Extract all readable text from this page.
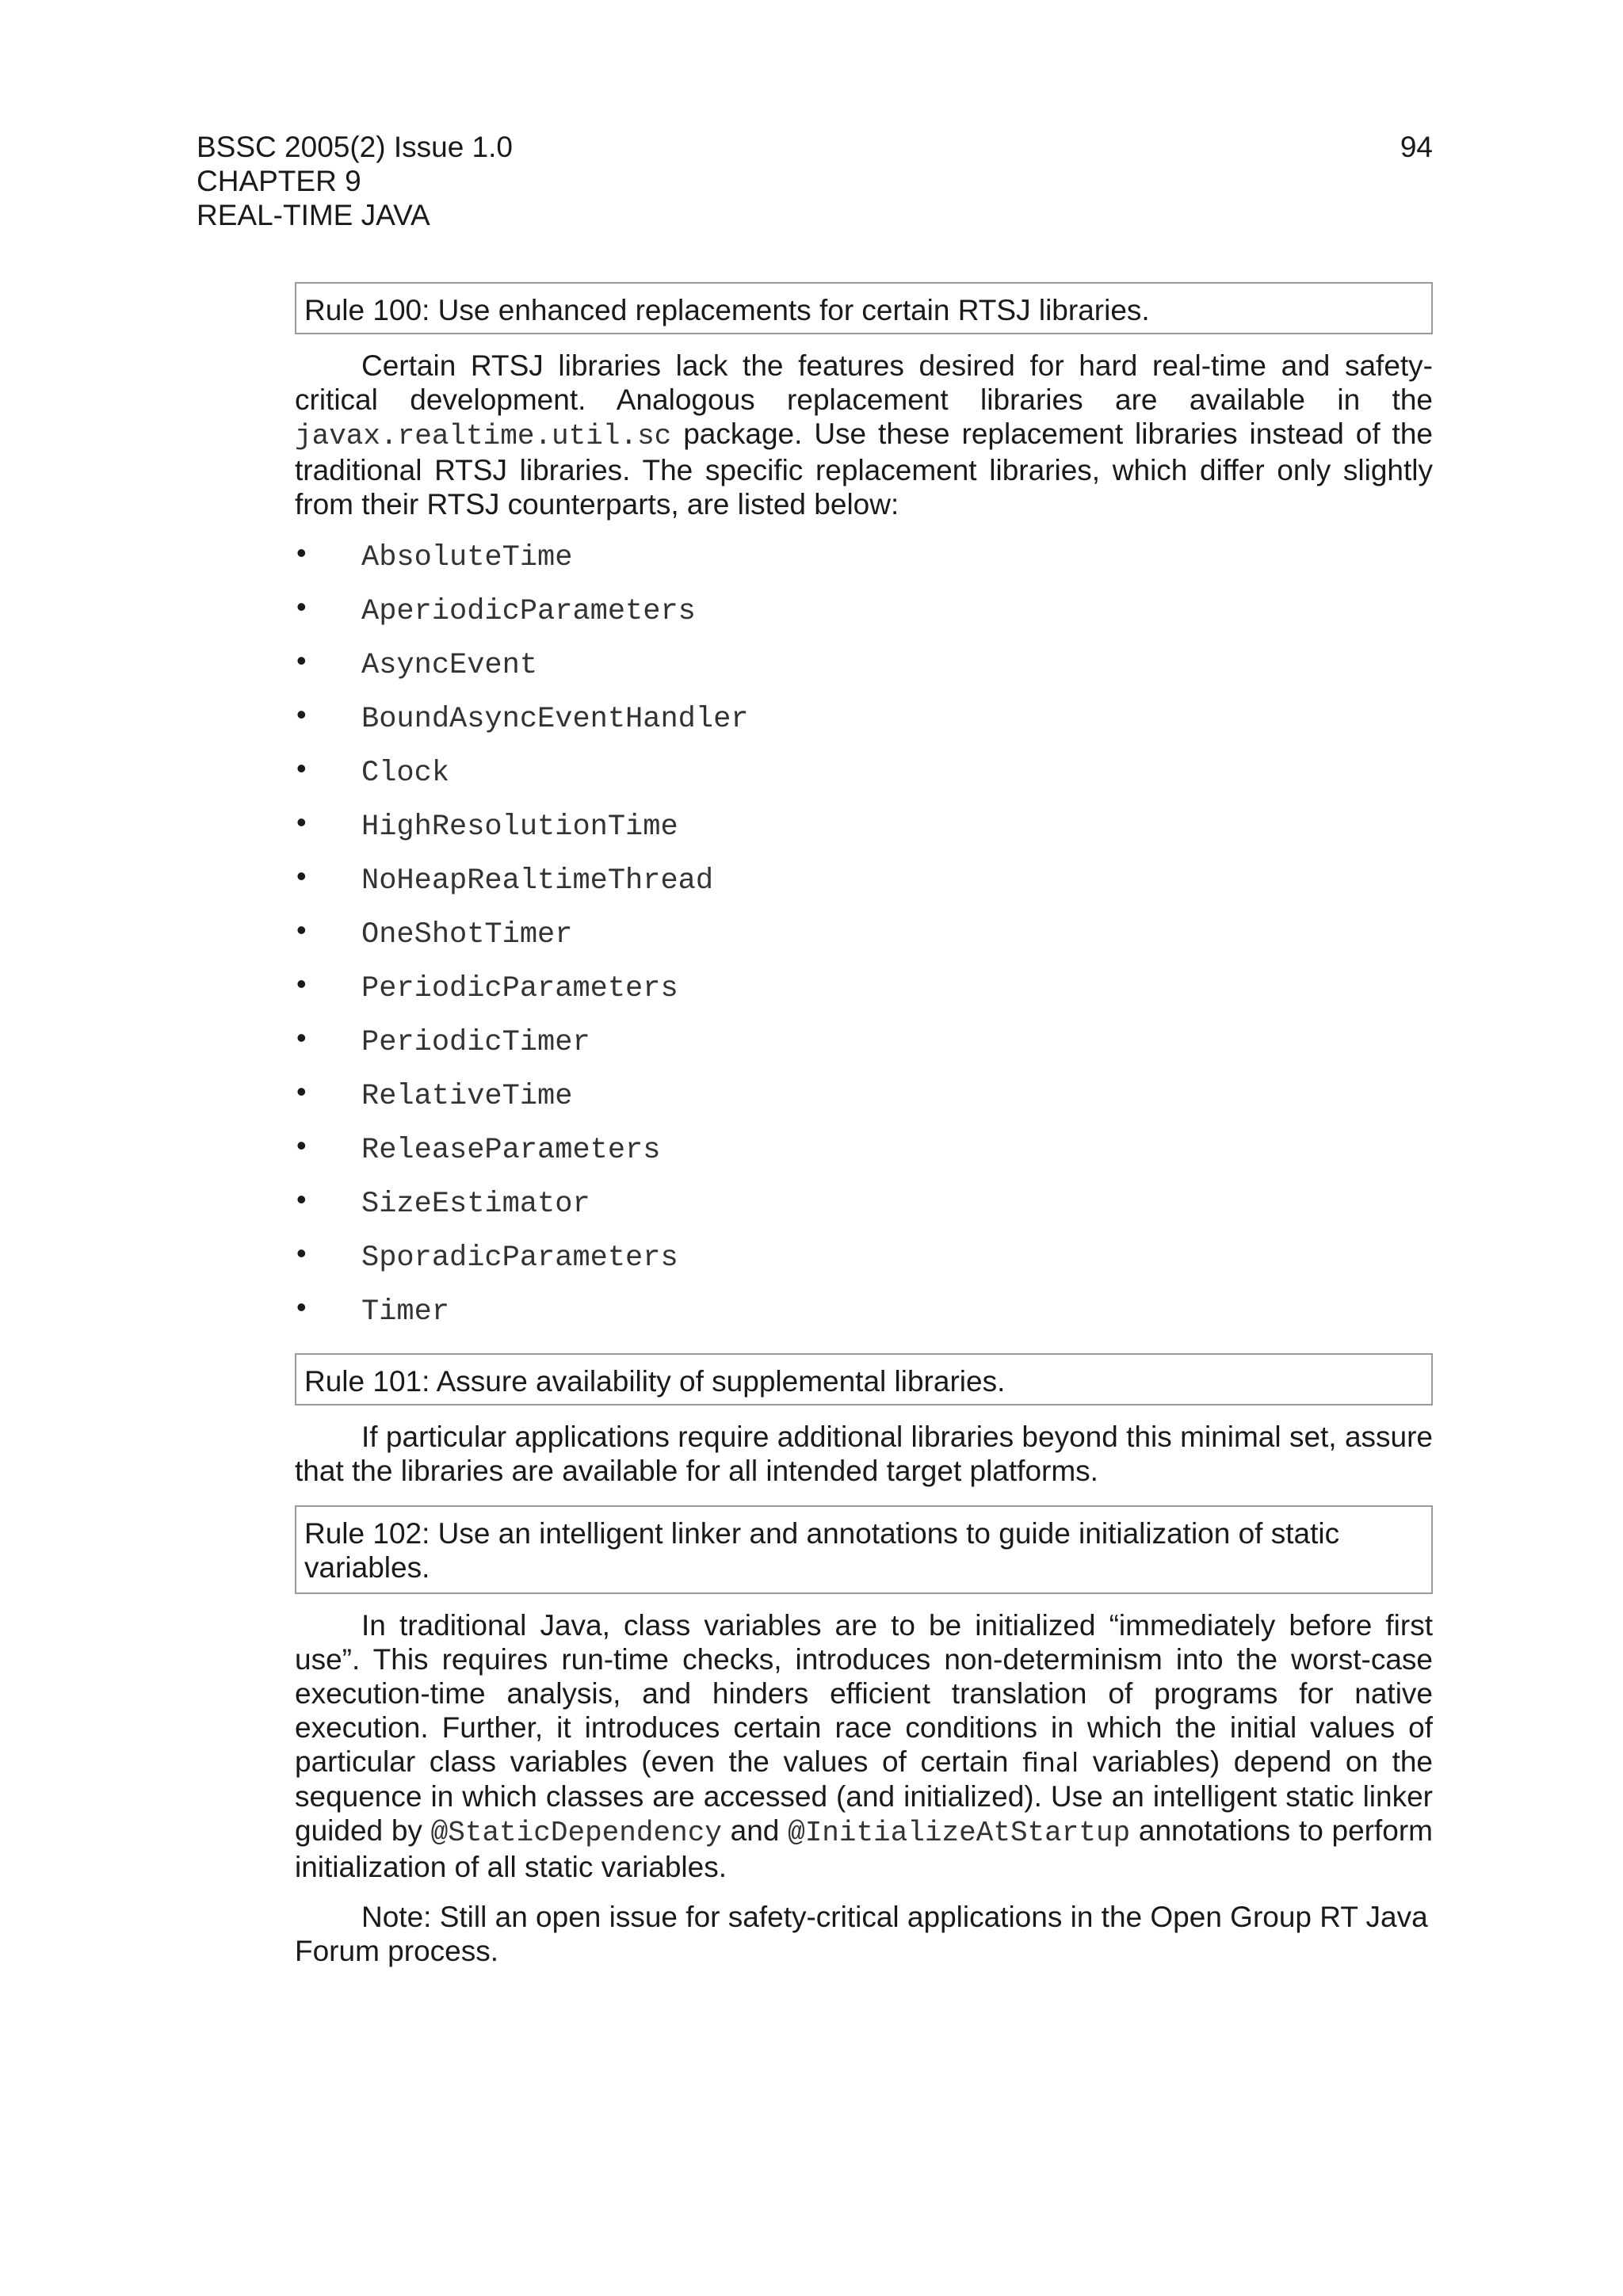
BSSC 2005(2) Issue 1.0
CHAPTER 9
REAL-TIME JAVA
94
Rule 100: Use enhanced replacements for certain RTSJ libraries.

Certain RTSJ libraries lack the features desired for hard real-time and safety-critical development. Analogous replacement libraries are available in the javax.realtime.util.sc package. Use these replacement libraries instead of the traditional RTSJ libraries. The specific replacement libraries, which differ only slightly from their RTSJ counterparts, are listed below:

• AbsoluteTime
• AperiodicParameters
• AsyncEvent
• BoundAsyncEventHandler
• Clock
• HighResolutionTime
• NoHeapRealtimeThread
• OneShotTimer
• PeriodicParameters
• PeriodicTimer
• RelativeTime
• ReleaseParameters
• SizeEstimator
• SporadicParameters
• Timer
Rule 101: Assure availability of supplemental libraries.

If particular applications require additional libraries beyond this minimal set, assure that the libraries are available for all intended target platforms.

Rule 102: Use an intelligent linker and annotations to guide initialization of static variables.

In traditional Java, class variables are to be initialized “immediately before first use”. This requires run-time checks, introduces non-determinism into the worst-case execution-time analysis, and hinders efficient translation of programs for native execution. Further, it introduces certain race conditions in which the initial values of particular class variables (even the values of certain final variables) depend on the sequence in which classes are accessed (and initialized). Use an intelligent static linker guided by @StaticDependency and @InitializeAtStartup annotations to perform initialization of all static variables.

Note: Still an open issue for safety-critical applications in the Open Group RT Java Forum process.
